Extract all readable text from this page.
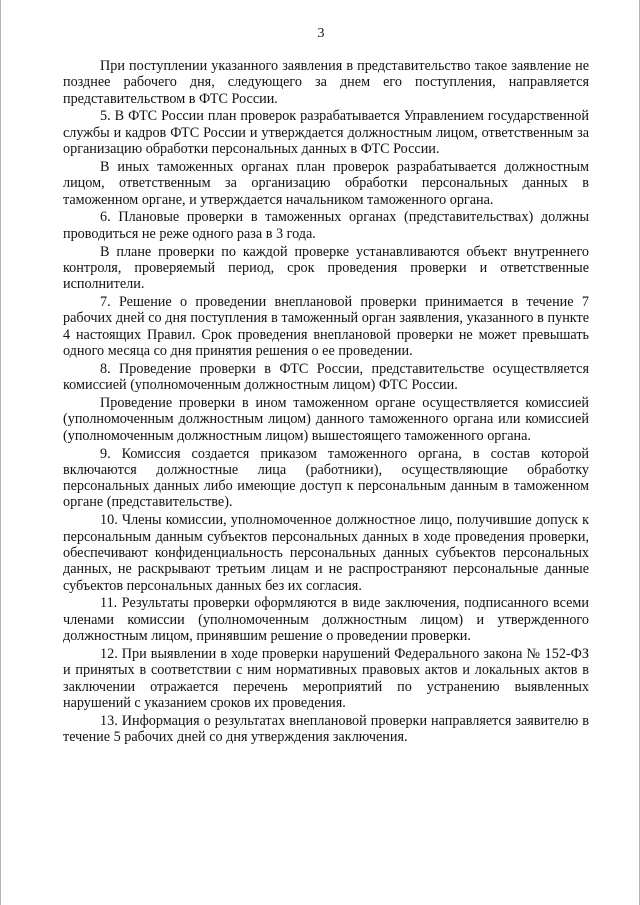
3

При поступлении указанного заявления в представительство такое заявление не позднее рабочего дня, следующего за днем его поступления, направляется представительством в ФТС России.

5. В ФТС России план проверок разрабатывается Управлением государственной службы и кадров ФТС России и утверждается должностным лицом, ответственным за организацию обработки персональных данных в ФТС России.

В иных таможенных органах план проверок разрабатывается должностным лицом, ответственным за организацию обработки персональных данных в таможенном органе, и утверждается начальником таможенного органа.

6. Плановые проверки в таможенных органах (представительствах) должны проводиться не реже одного раза в 3 года.

В плане проверки по каждой проверке устанавливаются объект внутреннего контроля, проверяемый период, срок проведения проверки и ответственные исполнители.

7. Решение о проведении внеплановой проверки принимается в течение 7 рабочих дней со дня поступления в таможенный орган заявления, указанного в пункте 4 настоящих Правил. Срок проведения внеплановой проверки не может превышать одного месяца со дня принятия решения о ее проведении.

8. Проведение проверки в ФТС России, представительстве осуществляется комиссией (уполномоченным должностным лицом) ФТС России.

Проведение проверки в ином таможенном органе осуществляется комиссией (уполномоченным должностным лицом) данного таможенного органа или комиссией (уполномоченным должностным лицом) вышестоящего таможенного органа.

9. Комиссия создается приказом таможенного органа, в состав которой включаются должностные лица (работники), осуществляющие обработку персональных данных либо имеющие доступ к персональным данным в таможенном органе (представительстве).

10. Члены комиссии, уполномоченное должностное лицо, получившие допуск к персональным данным субъектов персональных данных в ходе проведения проверки, обеспечивают конфиденциальность персональных данных субъектов персональных данных, не раскрывают третьим лицам и не распространяют персональные данные субъектов персональных данных без их согласия.

11. Результаты проверки оформляются в виде заключения, подписанного всеми членами комиссии (уполномоченным должностным лицом) и утвержденного должностным лицом, принявшим решение о проведении проверки.

12. При выявлении в ходе проверки нарушений Федерального закона № 152-ФЗ и принятых в соответствии с ним нормативных правовых актов и локальных актов в заключении отражается перечень мероприятий по устранению выявленных нарушений с указанием сроков их проведения.

13. Информация о результатах внеплановой проверки направляется заявителю в течение 5 рабочих дней со дня утверждения заключения.
